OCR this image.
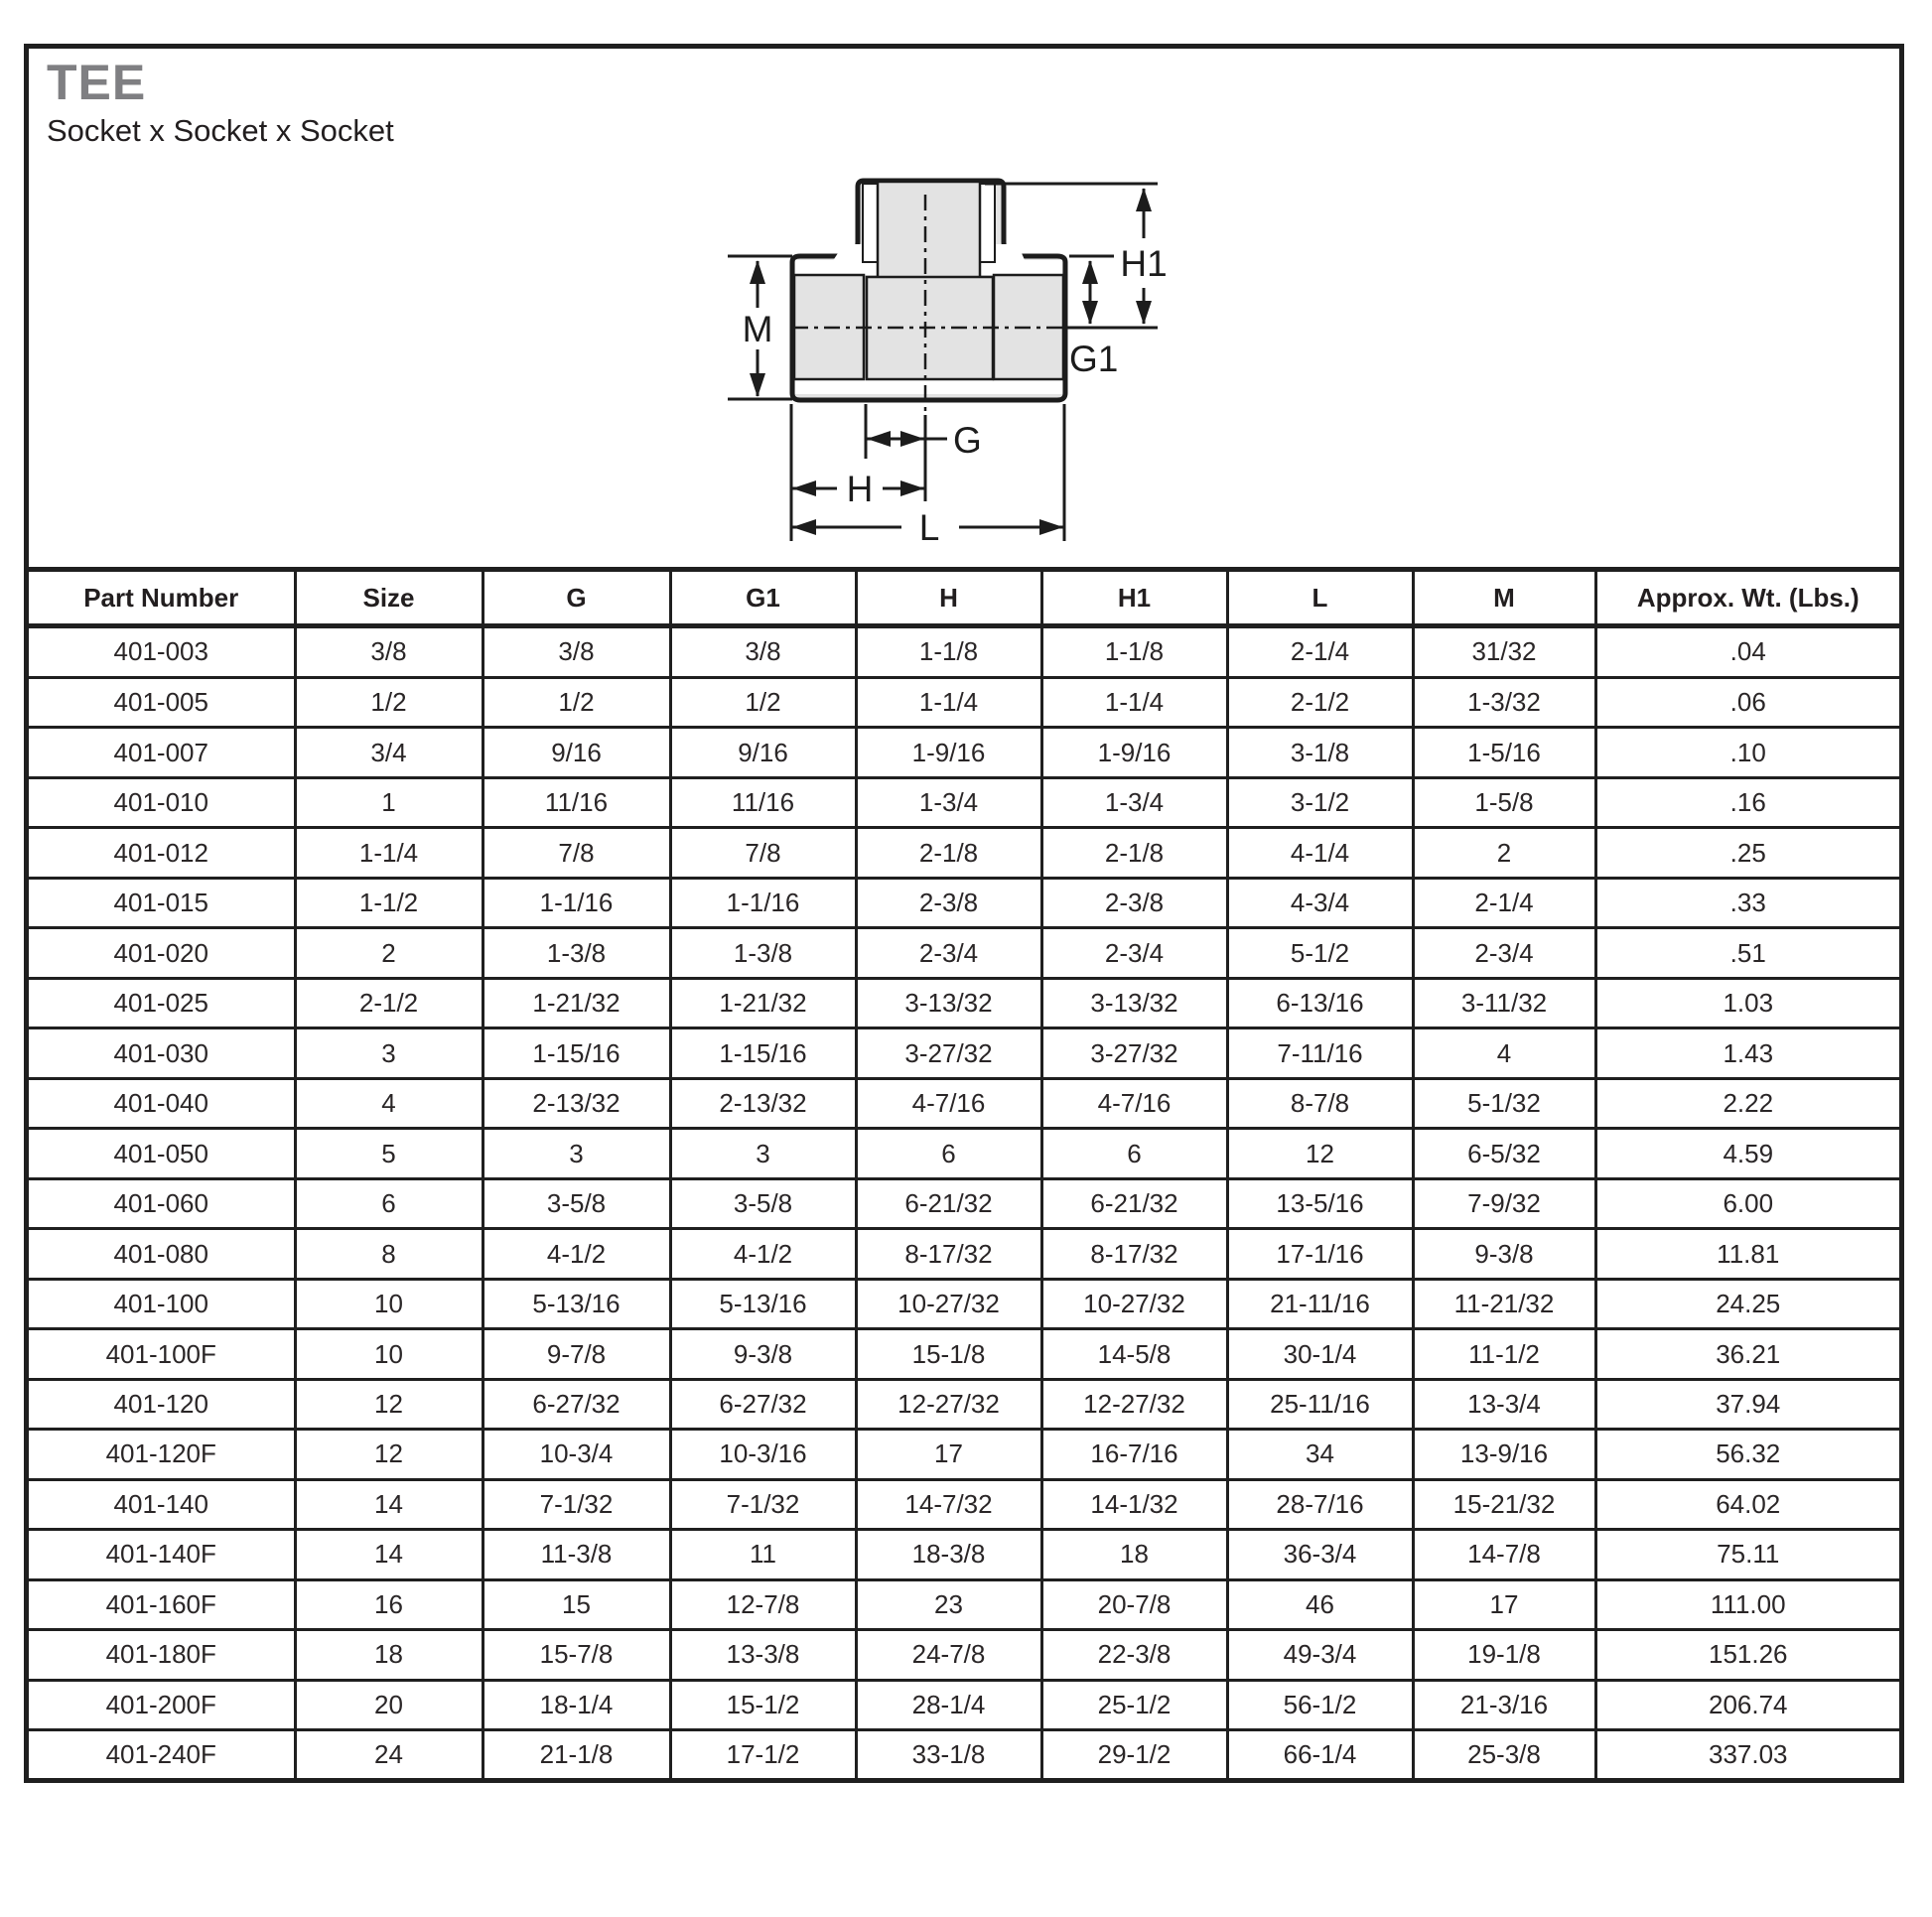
TEE
Socket x Socket x Socket
M
H1
G1
G
H
L
Part Number	Size	G	G1	H	H1	L	M	Approx. Wt. (Lbs.)
401-003	3/8	3/8	3/8	1-1/8	1-1/8	2-1/4	31/32	.04
401-005	1/2	1/2	1/2	1-1/4	1-1/4	2-1/2	1-3/32	.06
401-007	3/4	9/16	9/16	1-9/16	1-9/16	3-1/8	1-5/16	.10
401-010	1	11/16	11/16	1-3/4	1-3/4	3-1/2	1-5/8	.16
401-012	1-1/4	7/8	7/8	2-1/8	2-1/8	4-1/4	2	.25
401-015	1-1/2	1-1/16	1-1/16	2-3/8	2-3/8	4-3/4	2-1/4	.33
401-020	2	1-3/8	1-3/8	2-3/4	2-3/4	5-1/2	2-3/4	.51
401-025	2-1/2	1-21/32	1-21/32	3-13/32	3-13/32	6-13/16	3-11/32	1.03
401-030	3	1-15/16	1-15/16	3-27/32	3-27/32	7-11/16	4	1.43
401-040	4	2-13/32	2-13/32	4-7/16	4-7/16	8-7/8	5-1/32	2.22
401-050	5	3	3	6	6	12	6-5/32	4.59
401-060	6	3-5/8	3-5/8	6-21/32	6-21/32	13-5/16	7-9/32	6.00
401-080	8	4-1/2	4-1/2	8-17/32	8-17/32	17-1/16	9-3/8	11.81
401-100	10	5-13/16	5-13/16	10-27/32	10-27/32	21-11/16	11-21/32	24.25
401-100F	10	9-7/8	9-3/8	15-1/8	14-5/8	30-1/4	11-1/2	36.21
401-120	12	6-27/32	6-27/32	12-27/32	12-27/32	25-11/16	13-3/4	37.94
401-120F	12	10-3/4	10-3/16	17	16-7/16	34	13-9/16	56.32
401-140	14	7-1/32	7-1/32	14-7/32	14-1/32	28-7/16	15-21/32	64.02
401-140F	14	11-3/8	11	18-3/8	18	36-3/4	14-7/8	75.11
401-160F	16	15	12-7/8	23	20-7/8	46	17	111.00
401-180F	18	15-7/8	13-3/8	24-7/8	22-3/8	49-3/4	19-1/8	151.26
401-200F	20	18-1/4	15-1/2	28-1/4	25-1/2	56-1/2	21-3/16	206.74
401-240F	24	21-1/8	17-1/2	33-1/8	29-1/2	66-1/4	25-3/8	337.03
